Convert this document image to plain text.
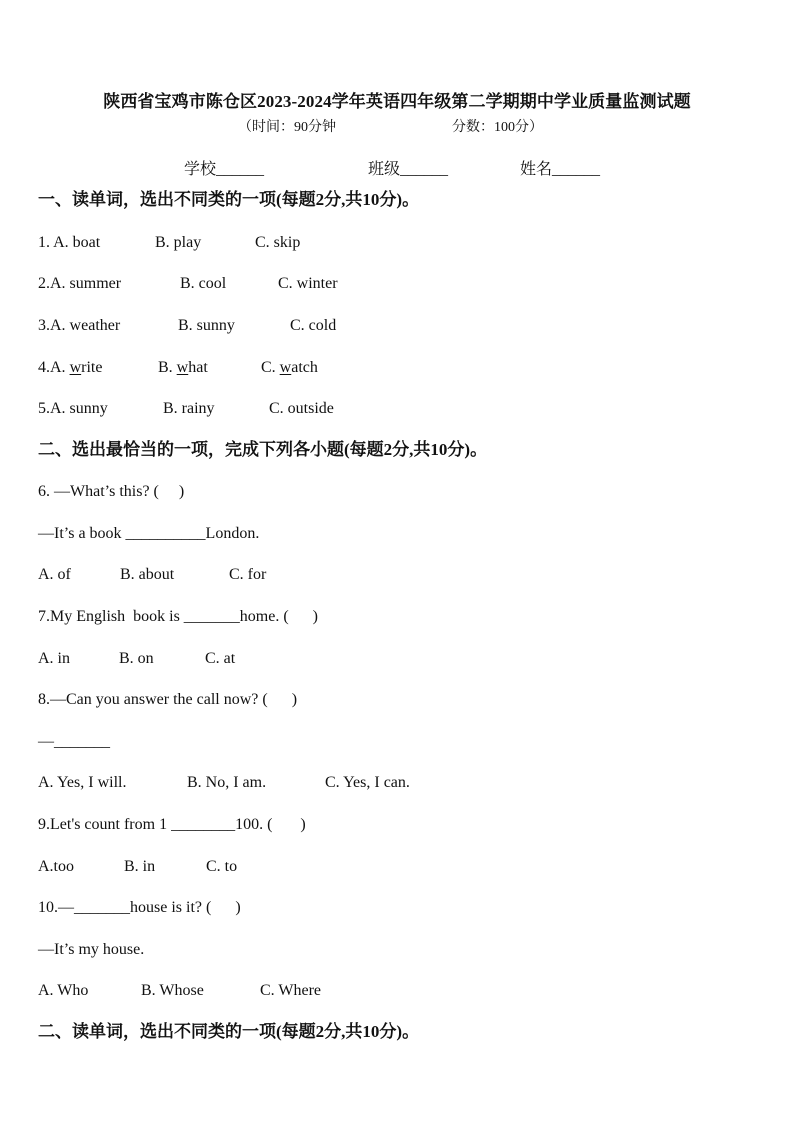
陕西省宝鸡市陈仓区2023-2024学年英语四年级第二学期期中学业质量监测试题
（时间：90分钟	分数：100分）
学校______	班级______	姓名______
一、读单词，选出不同类的一项(每题2分,共10分)。
1. A. boat	B. play	C. skip
2.A. summer	B. cool	C. winter
3.A. weather	B. sunny	C. cold
4.A. write	B. what	C. watch
5.A. sunny	B. rainy	C. outside
二、选出最恰当的一项，完成下列各小题(每题2分,共10分)。
6. —What’s this? (     )
—It’s a book __________London.
A. of	B. about	C. for
7.My English  book is _______home. (      )
A. in	B. on	C. at
8.—Can you answer the call now? (      )
—_______
A. Yes, I will.	B. No, I am.	C. Yes, I can.
9.Let's count from 1 ________100. (       )
A.too	B. in	C. to
10.—_______house is it? (      )
—It’s my house.
A. Who	B. Whose	C. Where
二、读单词，选出不同类的一项(每题2分,共10分)。
